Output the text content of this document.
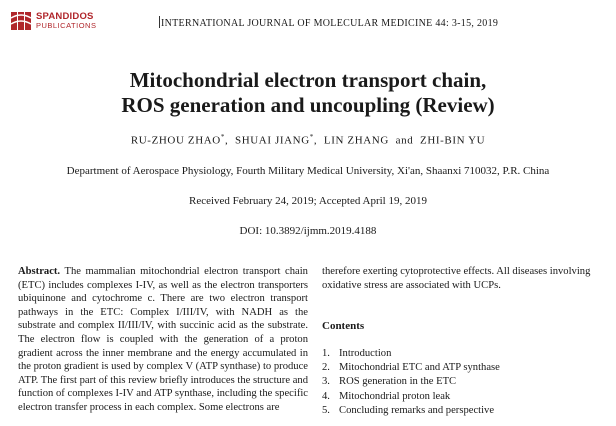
SPANDIDOS
PUBLICATIONS	INTERNATIONAL JOURNAL OF MOLECULAR MEDICINE 44: 3-15, 2019
Mitochondrial electron transport chain,
ROS generation and uncoupling (Review)
RU-ZHOU ZHAO*,  SHUAI JIANG*,  LIN ZHANG  and  ZHI-BIN YU
Department of Aerospace Physiology, Fourth Military Medical University, Xi'an, Shaanxi 710032, P.R. China
Received February 24, 2019; Accepted April 19, 2019
DOI: 10.3892/ijmm.2019.4188
Abstract. The mammalian mitochondrial electron transport chain (ETC) includes complexes I-IV, as well as the electron transporters ubiquinone and cytochrome c. There are two electron transport pathways in the ETC: Complex I/III/IV, with NADH as the substrate and complex II/III/IV, with succinic acid as the substrate. The electron flow is coupled with the generation of a proton gradient across the inner membrane and the energy accumulated in the proton gradient is used by complex V (ATP synthase) to produce ATP. The first part of this review briefly introduces the structure and function of complexes I-IV and ATP synthase, including the specific electron transfer process in each complex. Some electrons are
therefore exerting cytoprotective effects. All diseases involving oxidative stress are associated with UCPs.
Contents
1. Introduction
2. Mitochondrial ETC and ATP synthase
3. ROS generation in the ETC
4. Mitochondrial proton leak
5. Concluding remarks and perspective
